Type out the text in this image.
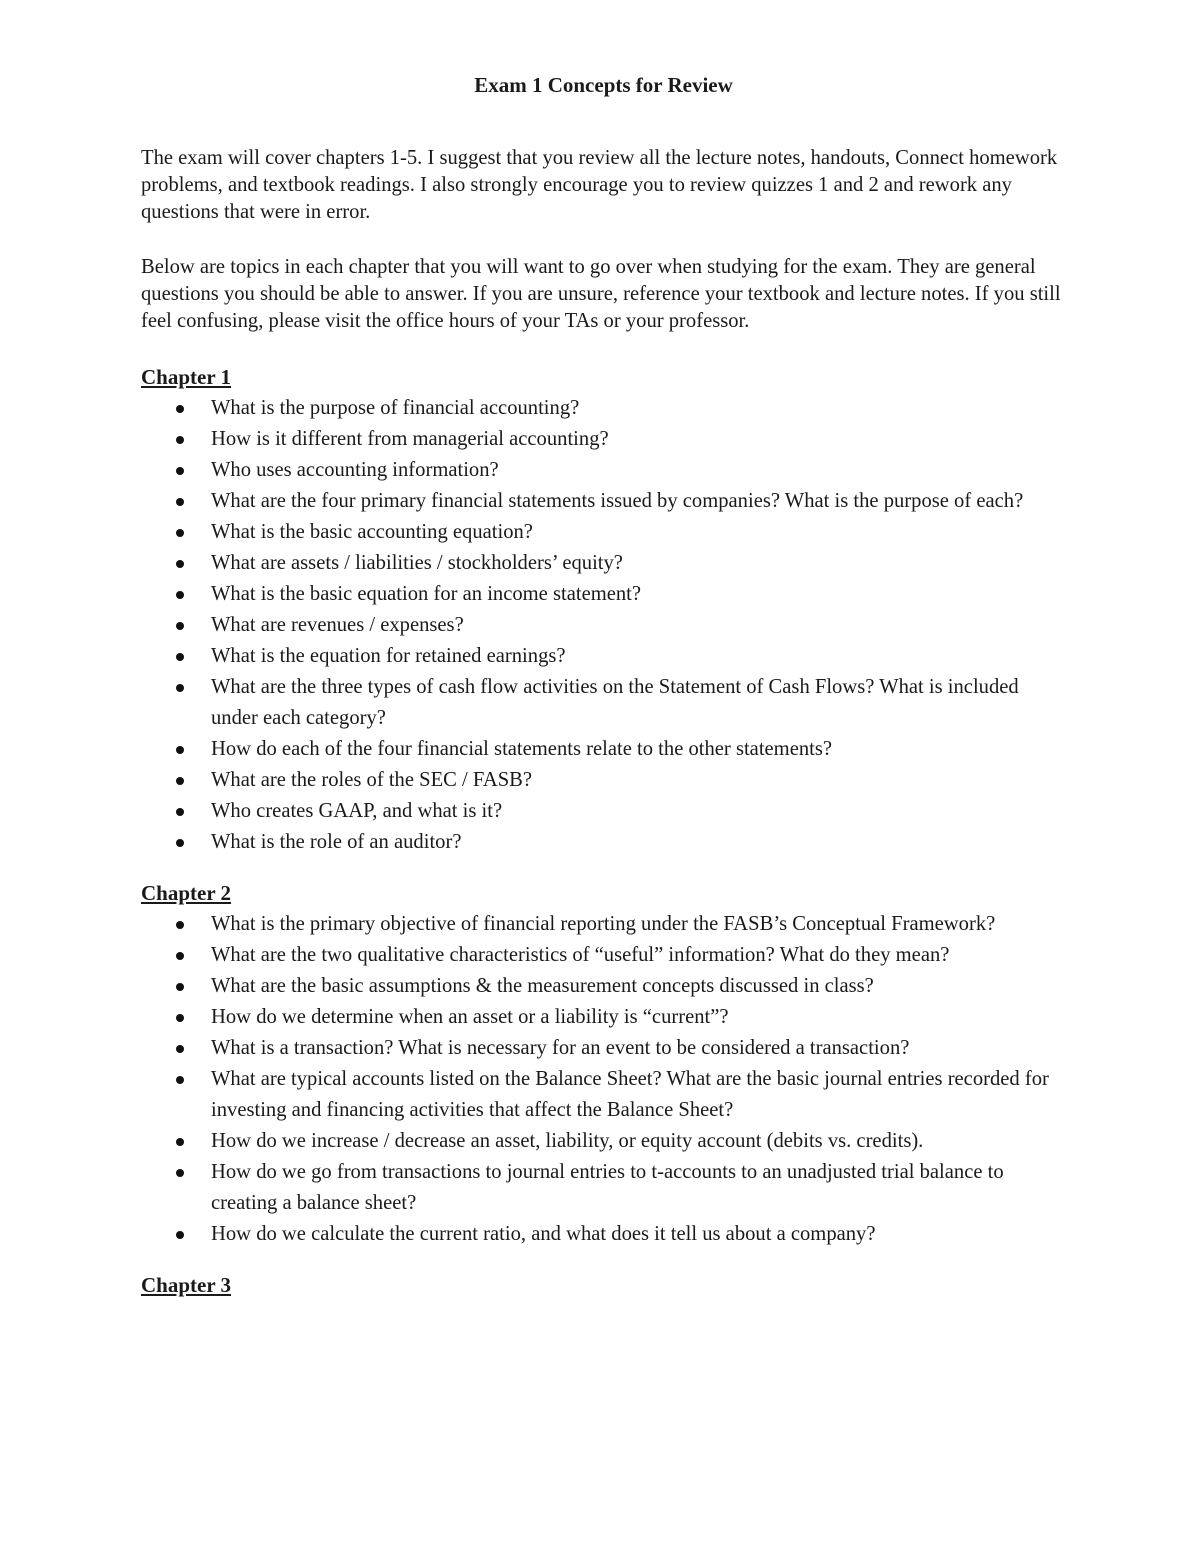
Exam 1 Concepts for Review

The exam will cover chapters 1-5. I suggest that you review all the lecture notes, handouts, Connect homework problems, and textbook readings. I also strongly encourage you to review quizzes 1 and 2 and rework any questions that were in error.

Below are topics in each chapter that you will want to go over when studying for the exam. They are general questions you should be able to answer. If you are unsure, reference your textbook and lecture notes. If you still feel confusing, please visit the office hours of your TAs or your professor.

Chapter 1
What is the purpose of financial accounting?
How is it different from managerial accounting?
Who uses accounting information?
What are the four primary financial statements issued by companies? What is the purpose of each?
What is the basic accounting equation?
What are assets / liabilities / stockholders’ equity?
What is the basic equation for an income statement?
What are revenues / expenses?
What is the equation for retained earnings?
What are the three types of cash flow activities on the Statement of Cash Flows? What is included under each category?
How do each of the four financial statements relate to the other statements?
What are the roles of the SEC / FASB?
Who creates GAAP, and what is it?
What is the role of an auditor?
Chapter 2
What is the primary objective of financial reporting under the FASB’s Conceptual Framework?
What are the two qualitative characteristics of “useful” information? What do they mean?
What are the basic assumptions & the measurement concepts discussed in class?
How do we determine when an asset or a liability is “current”?
What is a transaction? What is necessary for an event to be considered a transaction?
What are typical accounts listed on the Balance Sheet? What are the basic journal entries recorded for investing and financing activities that affect the Balance Sheet?
How do we increase / decrease an asset, liability, or equity account (debits vs. credits).
How do we go from transactions to journal entries to t-accounts to an unadjusted trial balance to creating a balance sheet?
How do we calculate the current ratio, and what does it tell us about a company?
Chapter 3
